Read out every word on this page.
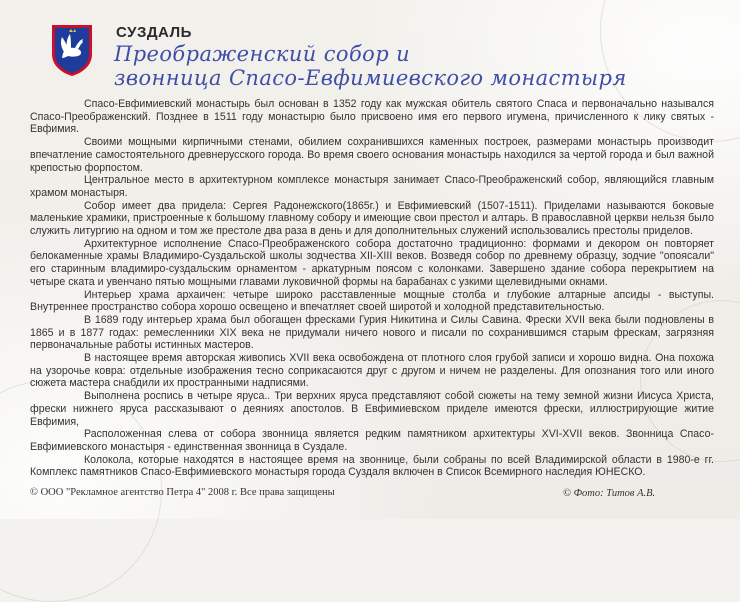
СУЗДАЛЬ
Преображенский собор и
звонница Спасо-Евфимиевского монастыря

Спасо-Евфимиевский монастырь был основан в 1352 году как мужская обитель святого Спаса и первоначально назывался Спасо-Преображенский. Позднее в 1511 году монастырю было присвоено имя его первого игумена, причисленного к лику святых - Евфимия.

Своими мощными кирпичными стенами, обилием сохранившихся каменных построек, размерами монастырь производит впечатление самостоятельного древнерусского города. Во время своего основания монастырь находился за чертой города и был важной крепостью форпостом.

Центральное место в архитектурном комплексе монастыря занимает Спасо-Преображенский собор, являющийся главным храмом монастыря.

Собор имеет два придела: Сергея Радонежского(1865г.) и Евфимиевский (1507-1511). Приделами называются боковые маленькие храмики, пристроенные к большому главному собору и имеющие свои престол и алтарь. В православной церкви нельзя было служить литургию на одном и том же престоле два раза в день и для дополнительных служений использовались престолы приделов.

Архитектурное исполнение Спасо-Преображенского собора достаточно традиционно: формами и декором он повторяет белокаменные храмы Владимиро-Суздальской школы зодчества XII-XIII веков. Возведя собор по древнему образцу, зодчие "опоясали" его старинным владимиро-суздальским орнаментом - аркатурным поясом с колонками. Завершено здание собора перекрытием на четыре ската и увенчано пятью мощными главами луковичной формы на барабанах с узкими щелевидными окнами.

Интерьер храма архаичен: четыре широко расставленные мощные столба и глубокие алтарные апсиды - выступы. Внутреннее пространство собора хорошо освещено и впечатляет своей широтой и холодной представительностью.

В 1689 году интерьер храма был обогащен фресками Гурия Никитина и Силы Савина. Фрески XVII века были подновлены в 1865 и в 1877 годах: ремесленники XIX века не придумали ничего нового и писали по сохранившимся старым фрескам, загрязняя первоначальные работы истинных мастеров.

В настоящее время авторская живопись XVII века освобождена от плотного слоя грубой записи и хорошо видна. Она похожа на узорочье ковра: отдельные изображения тесно соприкасаются друг с другом и ничем не разделены. Для опознания того или иного сюжета мастера снабдили их пространными надписями.

Выполнена роспись в четыре яруса.. Три верхних яруса представляют собой сюжеты на тему земной жизни Иисуса Христа, фрески нижнего яруса рассказывают о деяниях апостолов. В Евфимиевском приделе имеются фрески, иллюстрирующие житие Евфимия,

Расположенная слева от собора звонница является редким памятником архитектуры XVI-XVII веков. Звонница Спасо-Евфимиевского монастыря - единственная звонница в Суздале.

Колокола, которые находятся в настоящее время на звоннице, были собраны по всей Владимирской области в 1980-е гг. Комплекс памятников Спасо-Евфимиевского монастыря города Суздаля включен в Список Всемирного наследия ЮНЕСКО.

© ООО "Рекламное агентство Петра 4" 2008 г. Все права защищены	© Фото: Титов А.В.
